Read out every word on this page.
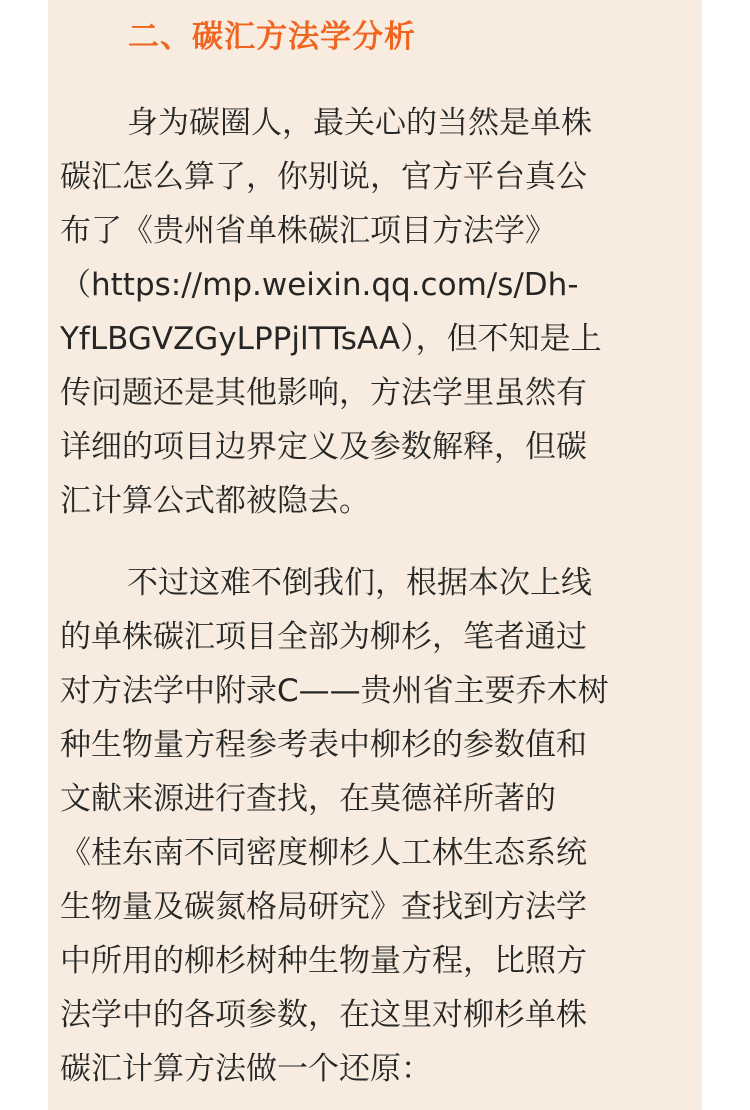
二、碳汇方法学分析
身为碳圈人，最关心的当然是单株
碳汇怎么算了，你别说，官方平台真公
布了《贵州省单株碳汇项目方法学》
（https://mp.weixin.qq.com/s/Dh-
YfLBGVZGyLPPjlTTsAA），但不知是上
传问题还是其他影响，方法学里虽然有
详细的项目边界定义及参数解释，但碳
汇计算公式都被隐去。
不过这难不倒我们，根据本次上线
的单株碳汇项目全部为柳杉，笔者通过
对方法学中附录C——贵州省主要乔木树
种生物量方程参考表中柳杉的参数值和
文献来源进行查找，在莫德祥所著的
《桂东南不同密度柳杉人工林生态系统
生物量及碳氮格局研究》查找到方法学
中所用的柳杉树种生物量方程，比照方
法学中的各项参数，在这里对柳杉单株
碳汇计算方法做一个还原：
